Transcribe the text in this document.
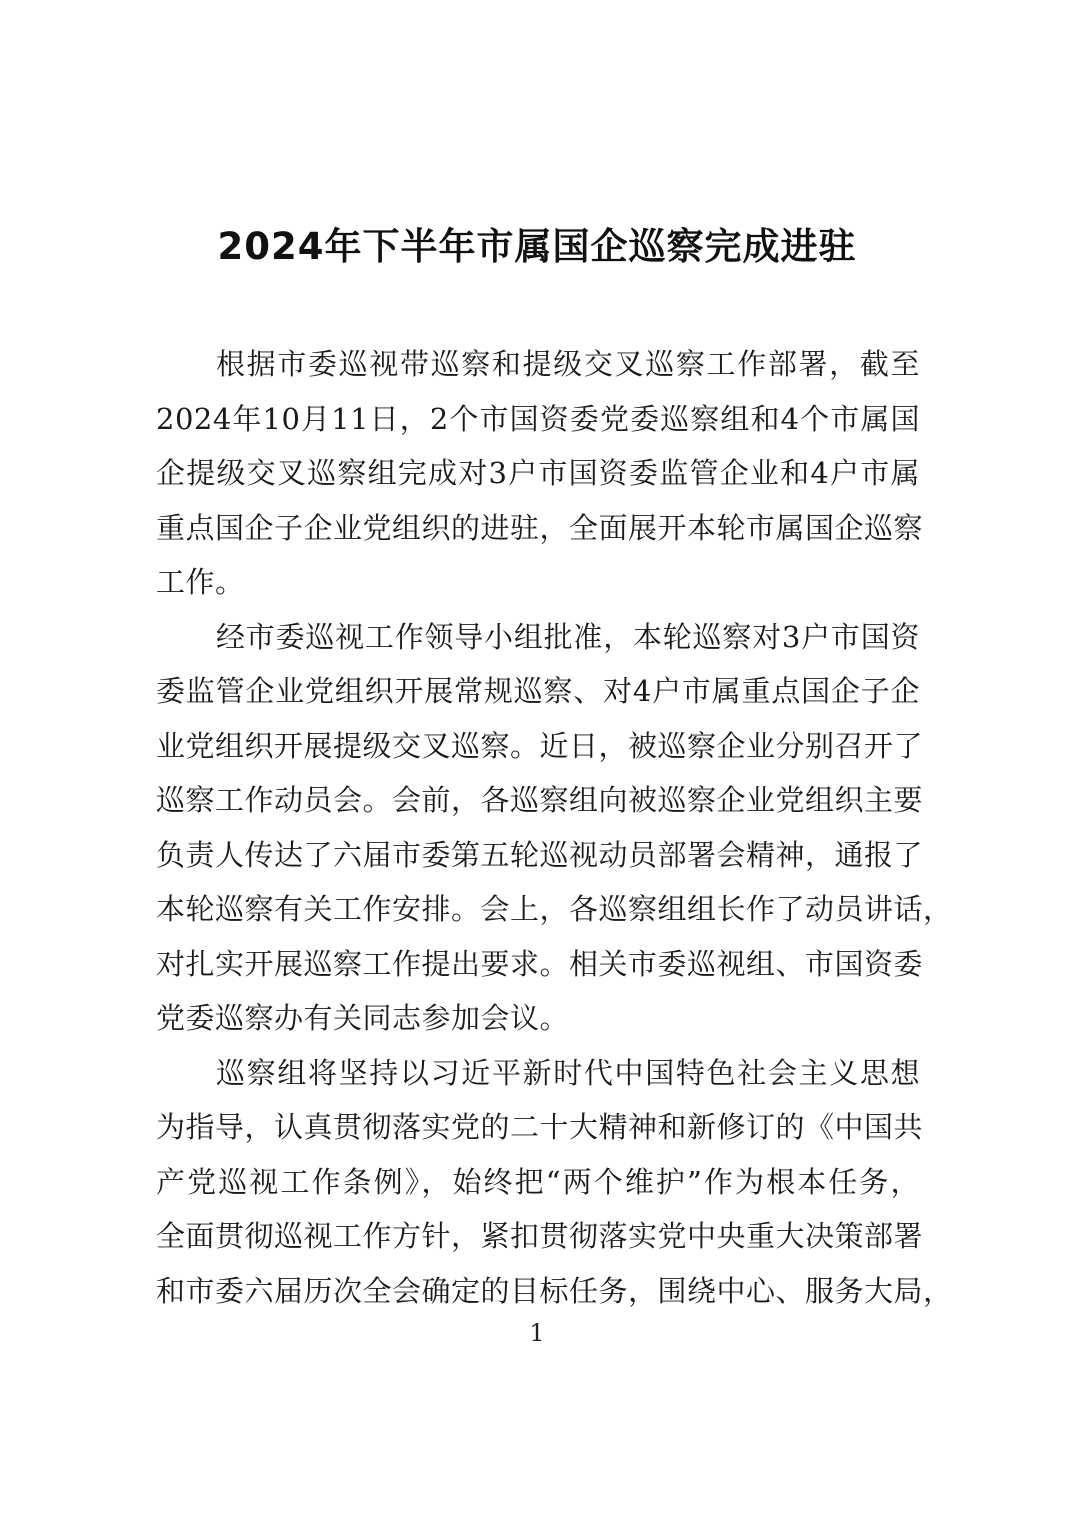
2024年下半年市属国企巡察完成进驻
根据市委巡视带巡察和提级交叉巡察工作部署，截至
2024年10月11日，2个市国资委党委巡察组和4个市属国
企提级交叉巡察组完成对3户市国资委监管企业和4户市属
重点国企子企业党组织的进驻，全面展开本轮市属国企巡察
工作。
经市委巡视工作领导小组批准，本轮巡察对3户市国资
委监管企业党组织开展常规巡察、对4户市属重点国企子企
业党组织开展提级交叉巡察。近日，被巡察企业分别召开了
巡察工作动员会。会前，各巡察组向被巡察企业党组织主要
负责人传达了六届市委第五轮巡视动员部署会精神，通报了
本轮巡察有关工作安排。会上，各巡察组组长作了动员讲话，
对扎实开展巡察工作提出要求。相关市委巡视组、市国资委
党委巡察办有关同志参加会议。
巡察组将坚持以习近平新时代中国特色社会主义思想
为指导，认真贯彻落实党的二十大精神和新修订的《中国共
产党巡视工作条例》，始终把“两个维护”作为根本任务，
全面贯彻巡视工作方针，紧扣贯彻落实党中央重大决策部署
和市委六届历次全会确定的目标任务，围绕中心、服务大局，
1
